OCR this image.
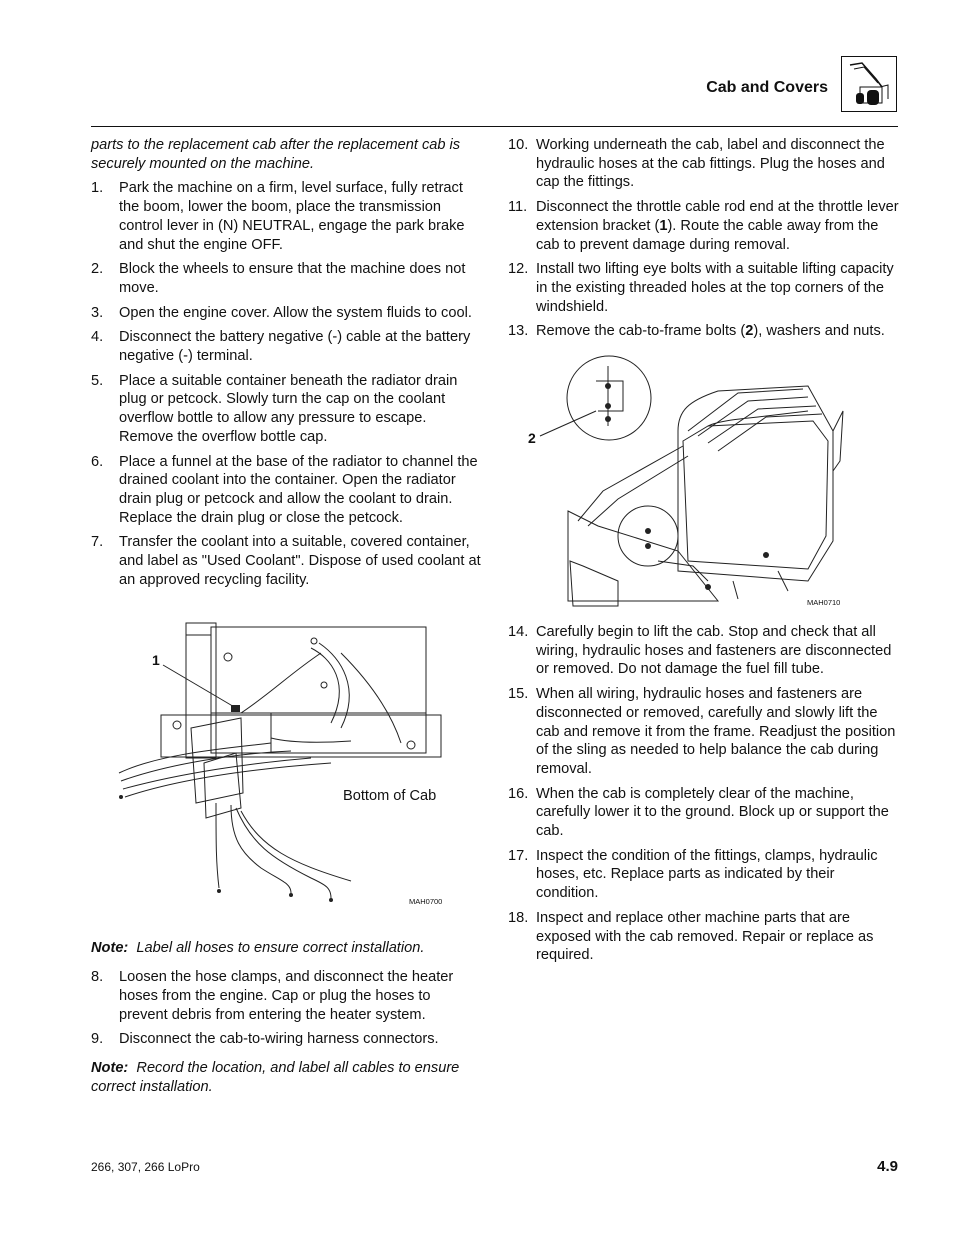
Cab and Covers

parts to the replacement cab after the replacement cab is securely mounted on the machine.

1.	Park the machine on a firm, level surface, fully retract the boom, lower the boom, place the transmission control lever in (N) NEUTRAL, engage the park brake and shut the engine OFF.
2.	Block the wheels to ensure that the machine does not move.
3.	Open the engine cover. Allow the system fluids to cool.
4.	Disconnect the battery negative (-) cable at the battery negative (-) terminal.
5.	Place a suitable container beneath the radiator drain plug or petcock. Slowly turn the cap on the coolant overflow bottle to allow any pressure to escape. Remove the overflow bottle cap.
6.	Place a funnel at the base of the radiator to channel the drained coolant into the container. Open the radiator drain plug or petcock and allow the coolant to drain. Replace the drain plug or close the petcock.
7.	Transfer the coolant into a suitable, covered container, and label as "Used Coolant". Dispose of used coolant at an approved recycling facility.
1
Bottom of Cab
MAH0700

Note: Label all hoses to ensure correct installation.

8.	Loosen the hose clamps, and disconnect the heater hoses from the engine. Cap or plug the hoses to prevent debris from entering the heater system.
9.	Disconnect the cab-to-wiring harness connectors.

Note: Record the location, and label all cables to ensure correct installation.

10. Working underneath the cab, label and disconnect the hydraulic hoses at the cab fittings. Plug the hoses and cap the fittings.
11. Disconnect the throttle cable rod end at the throttle lever extension bracket (1). Route the cable away from the cab to prevent damage during removal.
12. Install two lifting eye bolts with a suitable lifting capacity in the existing threaded holes at the top corners of the windshield.
13. Remove the cab-to-frame bolts (2), washers and nuts.
2
MAH0710
14. Carefully begin to lift the cab. Stop and check that all wiring, hydraulic hoses and fasteners are disconnected or removed. Do not damage the fuel fill tube.
15. When all wiring, hydraulic hoses and fasteners are disconnected or removed, carefully and slowly lift the cab and remove it from the frame. Readjust the position of the sling as needed to help balance the cab during removal.
16. When the cab is completely clear of the machine, carefully lower it to the ground. Block up or support the cab.
17. Inspect the condition of the fittings, clamps, hydraulic hoses, etc. Replace parts as indicated by their condition.
18. Inspect and replace other machine parts that are exposed with the cab removed. Repair or replace as required.
266, 307, 266 LoPro	4.9
